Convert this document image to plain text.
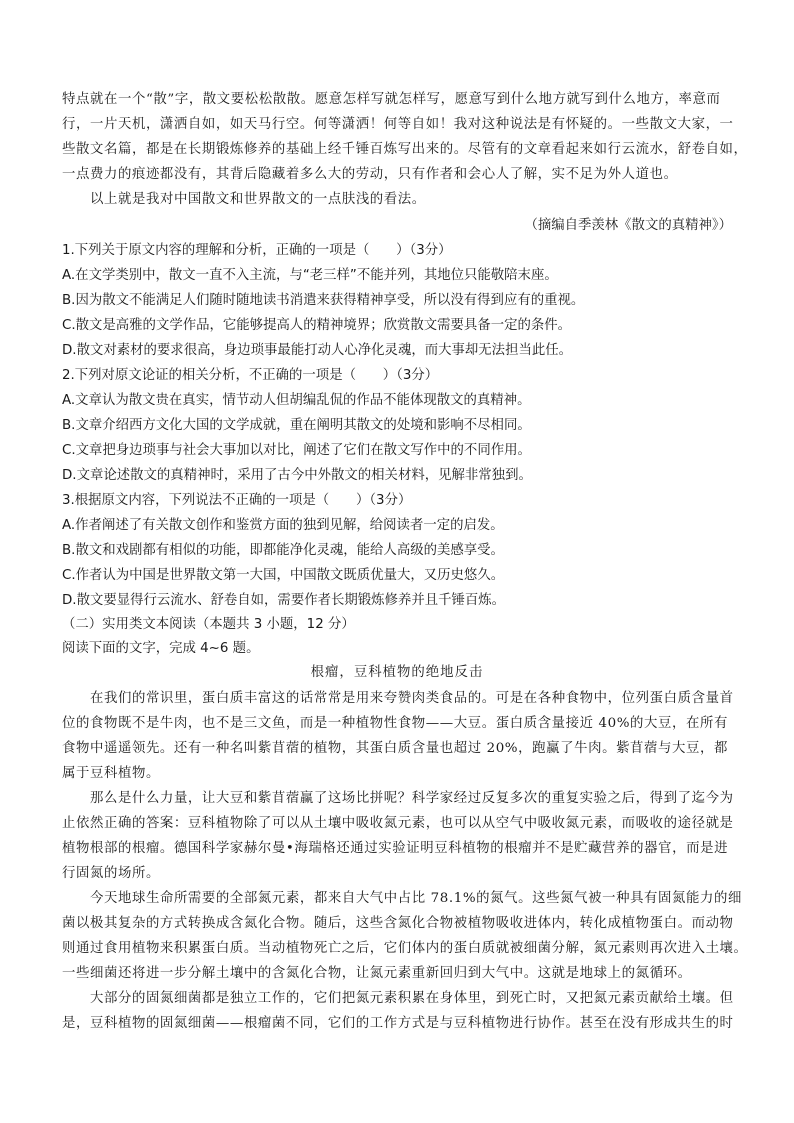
特点就在一个“散”字，散文要松松散散。愿意怎样写就怎样写，愿意写到什么地方就写到什么地方，率意而
行，一片天机，潇洒自如，如天马行空。何等潇洒！何等自如！我对这种说法是有怀疑的。一些散文大家，一
些散文名篇，都是在长期锻炼修养的基础上经千锤百炼写出来的。尽管有的文章看起来如行云流水，舒卷自如，
一点费力的痕迹都没有，其背后隐藏着多么大的劳动，只有作者和会心人了解，实不足为外人道也。
以上就是我对中国散文和世界散文的一点肤浅的看法。
（摘编自季羡林《散文的真精神》）
1.下列关于原文内容的理解和分析，正确的一项是（　　）（3分）
A.在文学类别中，散文一直不入主流，与“老三样”不能并列，其地位只能敬陪末座。
B.因为散文不能满足人们随时随地读书消遣来获得精神享受，所以没有得到应有的重视。
C.散文是高雅的文学作品，它能够提高人的精神境界；欣赏散文需要具备一定的条件。
D.散文对素材的要求很高，身边琐事最能打动人心净化灵魂，而大事却无法担当此任。
2.下列对原文论证的相关分析，不正确的一项是（　　）（3分）
A.文章认为散文贵在真实，情节动人但胡编乱侃的作品不能体现散文的真精神。
B.文章介绍西方文化大国的文学成就，重在阐明其散文的处境和影响不尽相同。
C.文章把身边琐事与社会大事加以对比，阐述了它们在散文写作中的不同作用。
D.文章论述散文的真精神时，采用了古今中外散文的相关材料，见解非常独到。
3.根据原文内容，下列说法不正确的一项是（　　）（3分）
A.作者阐述了有关散文创作和鉴赏方面的独到见解，给阅读者一定的启发。
B.散文和戏剧都有相似的功能，即都能净化灵魂，能给人高级的美感享受。
C.作者认为中国是世界散文第一大国，中国散文既质优量大，又历史悠久。
D.散文要显得行云流水、舒卷自如，需要作者长期锻炼修养并且千锤百炼。
（二）实用类文本阅读（本题共 3 小题，12 分）
阅读下面的文字，完成 4~6 题。
根瘤，豆科植物的绝地反击
在我们的常识里，蛋白质丰富这的话常常是用来夸赞肉类食品的。可是在各种食物中，位列蛋白质含量首
位的食物既不是牛肉，也不是三文鱼，而是一种植物性食物——大豆。蛋白质含量接近 40%的大豆，在所有
食物中遥遥领先。还有一种名叫紫苜蓿的植物，其蛋白质含量也超过 20%，跑赢了牛肉。紫苜蓿与大豆，都
属于豆科植物。
那么是什么力量，让大豆和紫苜蓿赢了这场比拼呢？科学家经过反复多次的重复实验之后，得到了迄今为
止依然正确的答案：豆科植物除了可以从土壤中吸收氮元素，也可以从空气中吸收氮元素，而吸收的途径就是
植物根部的根瘤。德国科学家赫尔曼•海瑞格还通过实验证明豆科植物的根瘤并不是贮藏营养的器官，而是进
行固氮的场所。
今天地球生命所需要的全部氮元素，都来自大气中占比 78.1%的氮气。这些氮气被一种具有固氮能力的细
菌以极其复杂的方式转换成含氮化合物。随后，这些含氮化合物被植物吸收进体内，转化成植物蛋白。而动物
则通过食用植物来积累蛋白质。当动植物死亡之后，它们体内的蛋白质就被细菌分解，氮元素则再次进入土壤。
一些细菌还将进一步分解土壤中的含氮化合物，让氮元素重新回归到大气中。这就是地球上的氮循环。
大部分的固氮细菌都是独立工作的，它们把氮元素积累在身体里，到死亡时，又把氮元素贡献给土壤。但
是，豆科植物的固氮细菌——根瘤菌不同，它们的工作方式是与豆科植物进行协作。甚至在没有形成共生的时
